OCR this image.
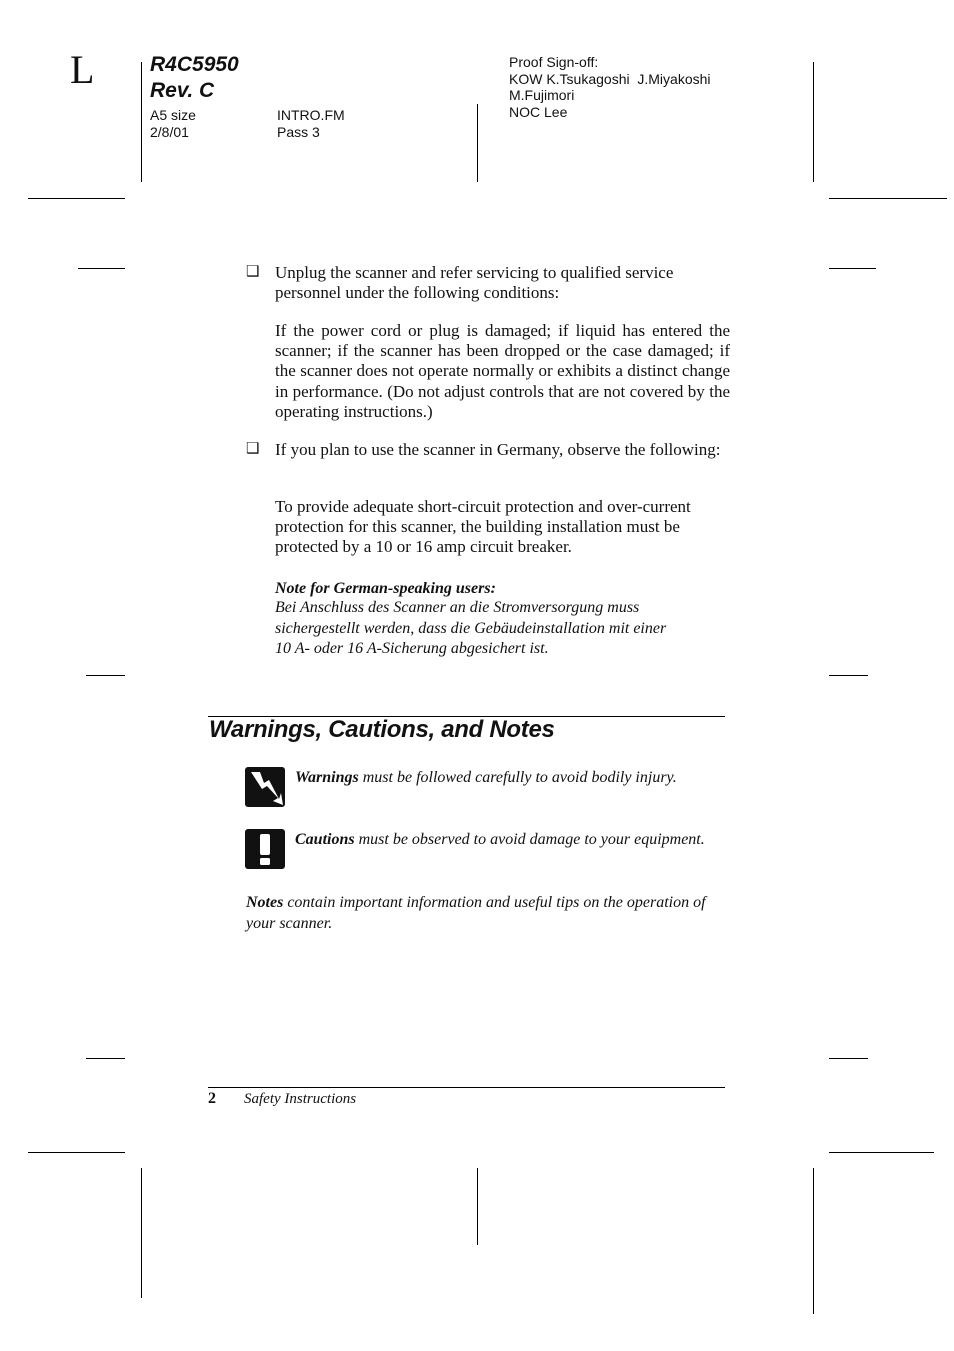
L	R4C5950
Rev. C
A5 size
2/8/01
INTRO.FM
Pass 3
Proof Sign-off:
KOW K.Tsukagoshi  J.Miyakoshi
M.Fujimori
NOC Lee
❑ Unplug the scanner and refer servicing to qualified service personnel under the following conditions:
If the power cord or plug is damaged; if liquid has entered the scanner; if the scanner has been dropped or the case damaged; if the scanner does not operate normally or exhibits a distinct change in performance. (Do not adjust controls that are not covered by the operating instructions.)
❑ If you plan to use the scanner in Germany, observe the following:
To provide adequate short-circuit protection and over-current protection for this scanner, the building installation must be protected by a 10 or 16 amp circuit breaker.
Note for German-speaking users:
Bei Anschluss des Scanner an die Stromversorgung muss
sichergestellt werden, dass die Gebäudeinstallation mit einer
10 A- oder 16 A-Sicherung abgesichert ist.
Warnings, Cautions, and Notes
Warnings must be followed carefully to avoid bodily injury.
Cautions must be observed to avoid damage to your equipment.
Notes contain important information and useful tips on the operation of your scanner.
2 Safety Instructions
